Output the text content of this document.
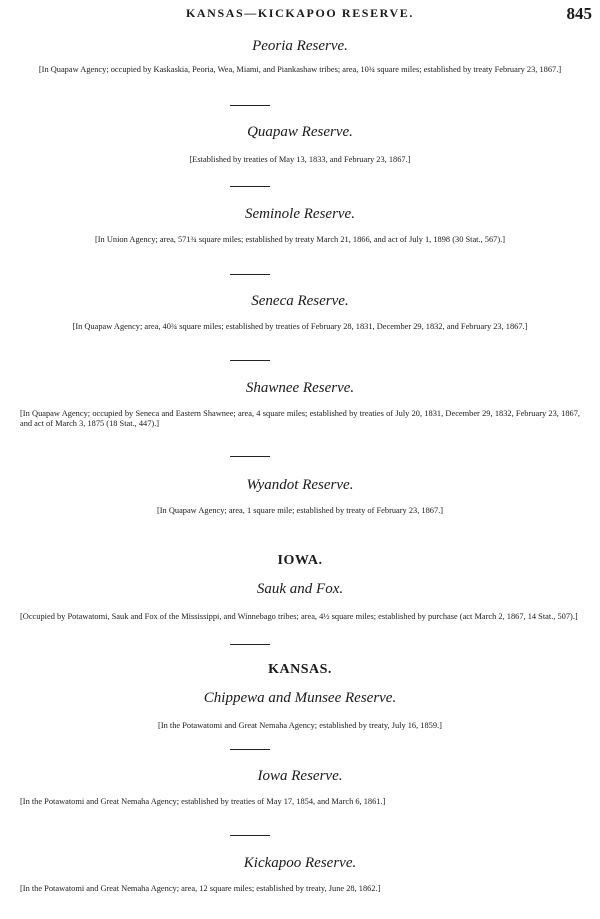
KANSAS—KICKAPOO RESERVE.	845

Peoria Reserve.

[In Quapaw Agency; occupied by Kaskaskia, Peoria, Wea, Miami, and Piankashaw tribes; area, 10¾ square miles; established by treaty February 23, 1867.]

Quapaw Reserve.

[Established by treaties of May 13, 1833, and February 23, 1867.]

Seminole Reserve.

[In Union Agency; area, 571¾ square miles; established by treaty March 21, 1866, and act of July 1, 1898 (30 Stat., 567).]

Seneca Reserve.

[In Quapaw Agency; area, 40¾ square miles; established by treaties of February 28, 1831, December 29, 1832, and February 23, 1867.]

Shawnee Reserve.

[In Quapaw Agency; occupied by Seneca and Eastern Shawnee; area, 4 square miles; established by treaties of July 20, 1831, December 29, 1832, February 23, 1867, and act of March 3, 1875 (18 Stat., 447).]

Wyandot Reserve.

[In Quapaw Agency; area, 1 square mile; established by treaty of February 23, 1867.]

IOWA.

Sauk and Fox.

[Occupied by Potawatomi, Sauk and Fox of the Mississippi, and Winnebago tribes; area, 4½ square miles; established by purchase (act March 2, 1867, 14 Stat., 507).]

KANSAS.

Chippewa and Munsee Reserve.

[In the Potawatomi and Great Nemaha Agency; established by treaty, July 16, 1859.]

Iowa Reserve.

[In the Potawatomi and Great Nemaha Agency; established by treaties of May 17, 1854, and March 6, 1861.]

Kickapoo Reserve.

[In the Potawatomi and Great Nemaha Agency; area, 12 square miles; established by treaty, June 28, 1862.]
